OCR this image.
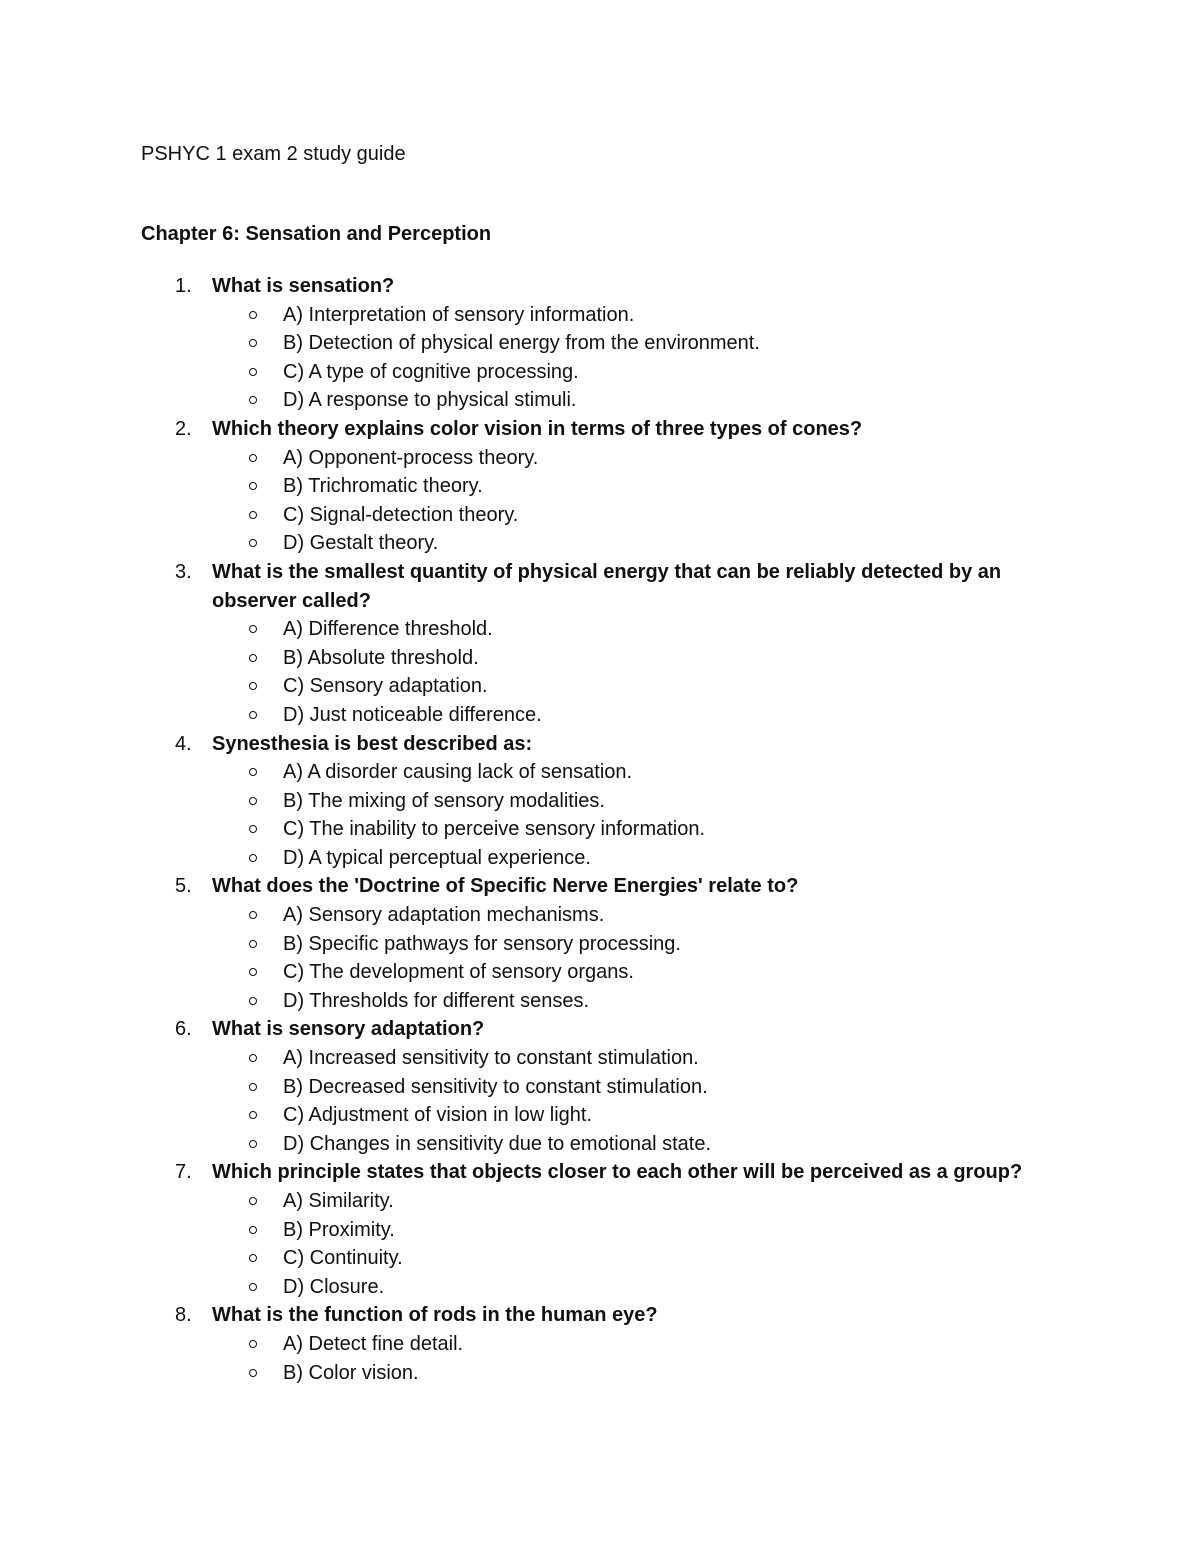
PSHYC 1 exam 2 study guide
Chapter 6: Sensation and Perception
1. What is sensation?
A) Interpretation of sensory information.
B) Detection of physical energy from the environment.
C) A type of cognitive processing.
D) A response to physical stimuli.
2. Which theory explains color vision in terms of three types of cones?
A) Opponent-process theory.
B) Trichromatic theory.
C) Signal-detection theory.
D) Gestalt theory.
3. What is the smallest quantity of physical energy that can be reliably detected by an observer called?
A) Difference threshold.
B) Absolute threshold.
C) Sensory adaptation.
D) Just noticeable difference.
4. Synesthesia is best described as:
A) A disorder causing lack of sensation.
B) The mixing of sensory modalities.
C) The inability to perceive sensory information.
D) A typical perceptual experience.
5. What does the 'Doctrine of Specific Nerve Energies' relate to?
A) Sensory adaptation mechanisms.
B) Specific pathways for sensory processing.
C) The development of sensory organs.
D) Thresholds for different senses.
6. What is sensory adaptation?
A) Increased sensitivity to constant stimulation.
B) Decreased sensitivity to constant stimulation.
C) Adjustment of vision in low light.
D) Changes in sensitivity due to emotional state.
7. Which principle states that objects closer to each other will be perceived as a group?
A) Similarity.
B) Proximity.
C) Continuity.
D) Closure.
8. What is the function of rods in the human eye?
A) Detect fine detail.
B) Color vision.
